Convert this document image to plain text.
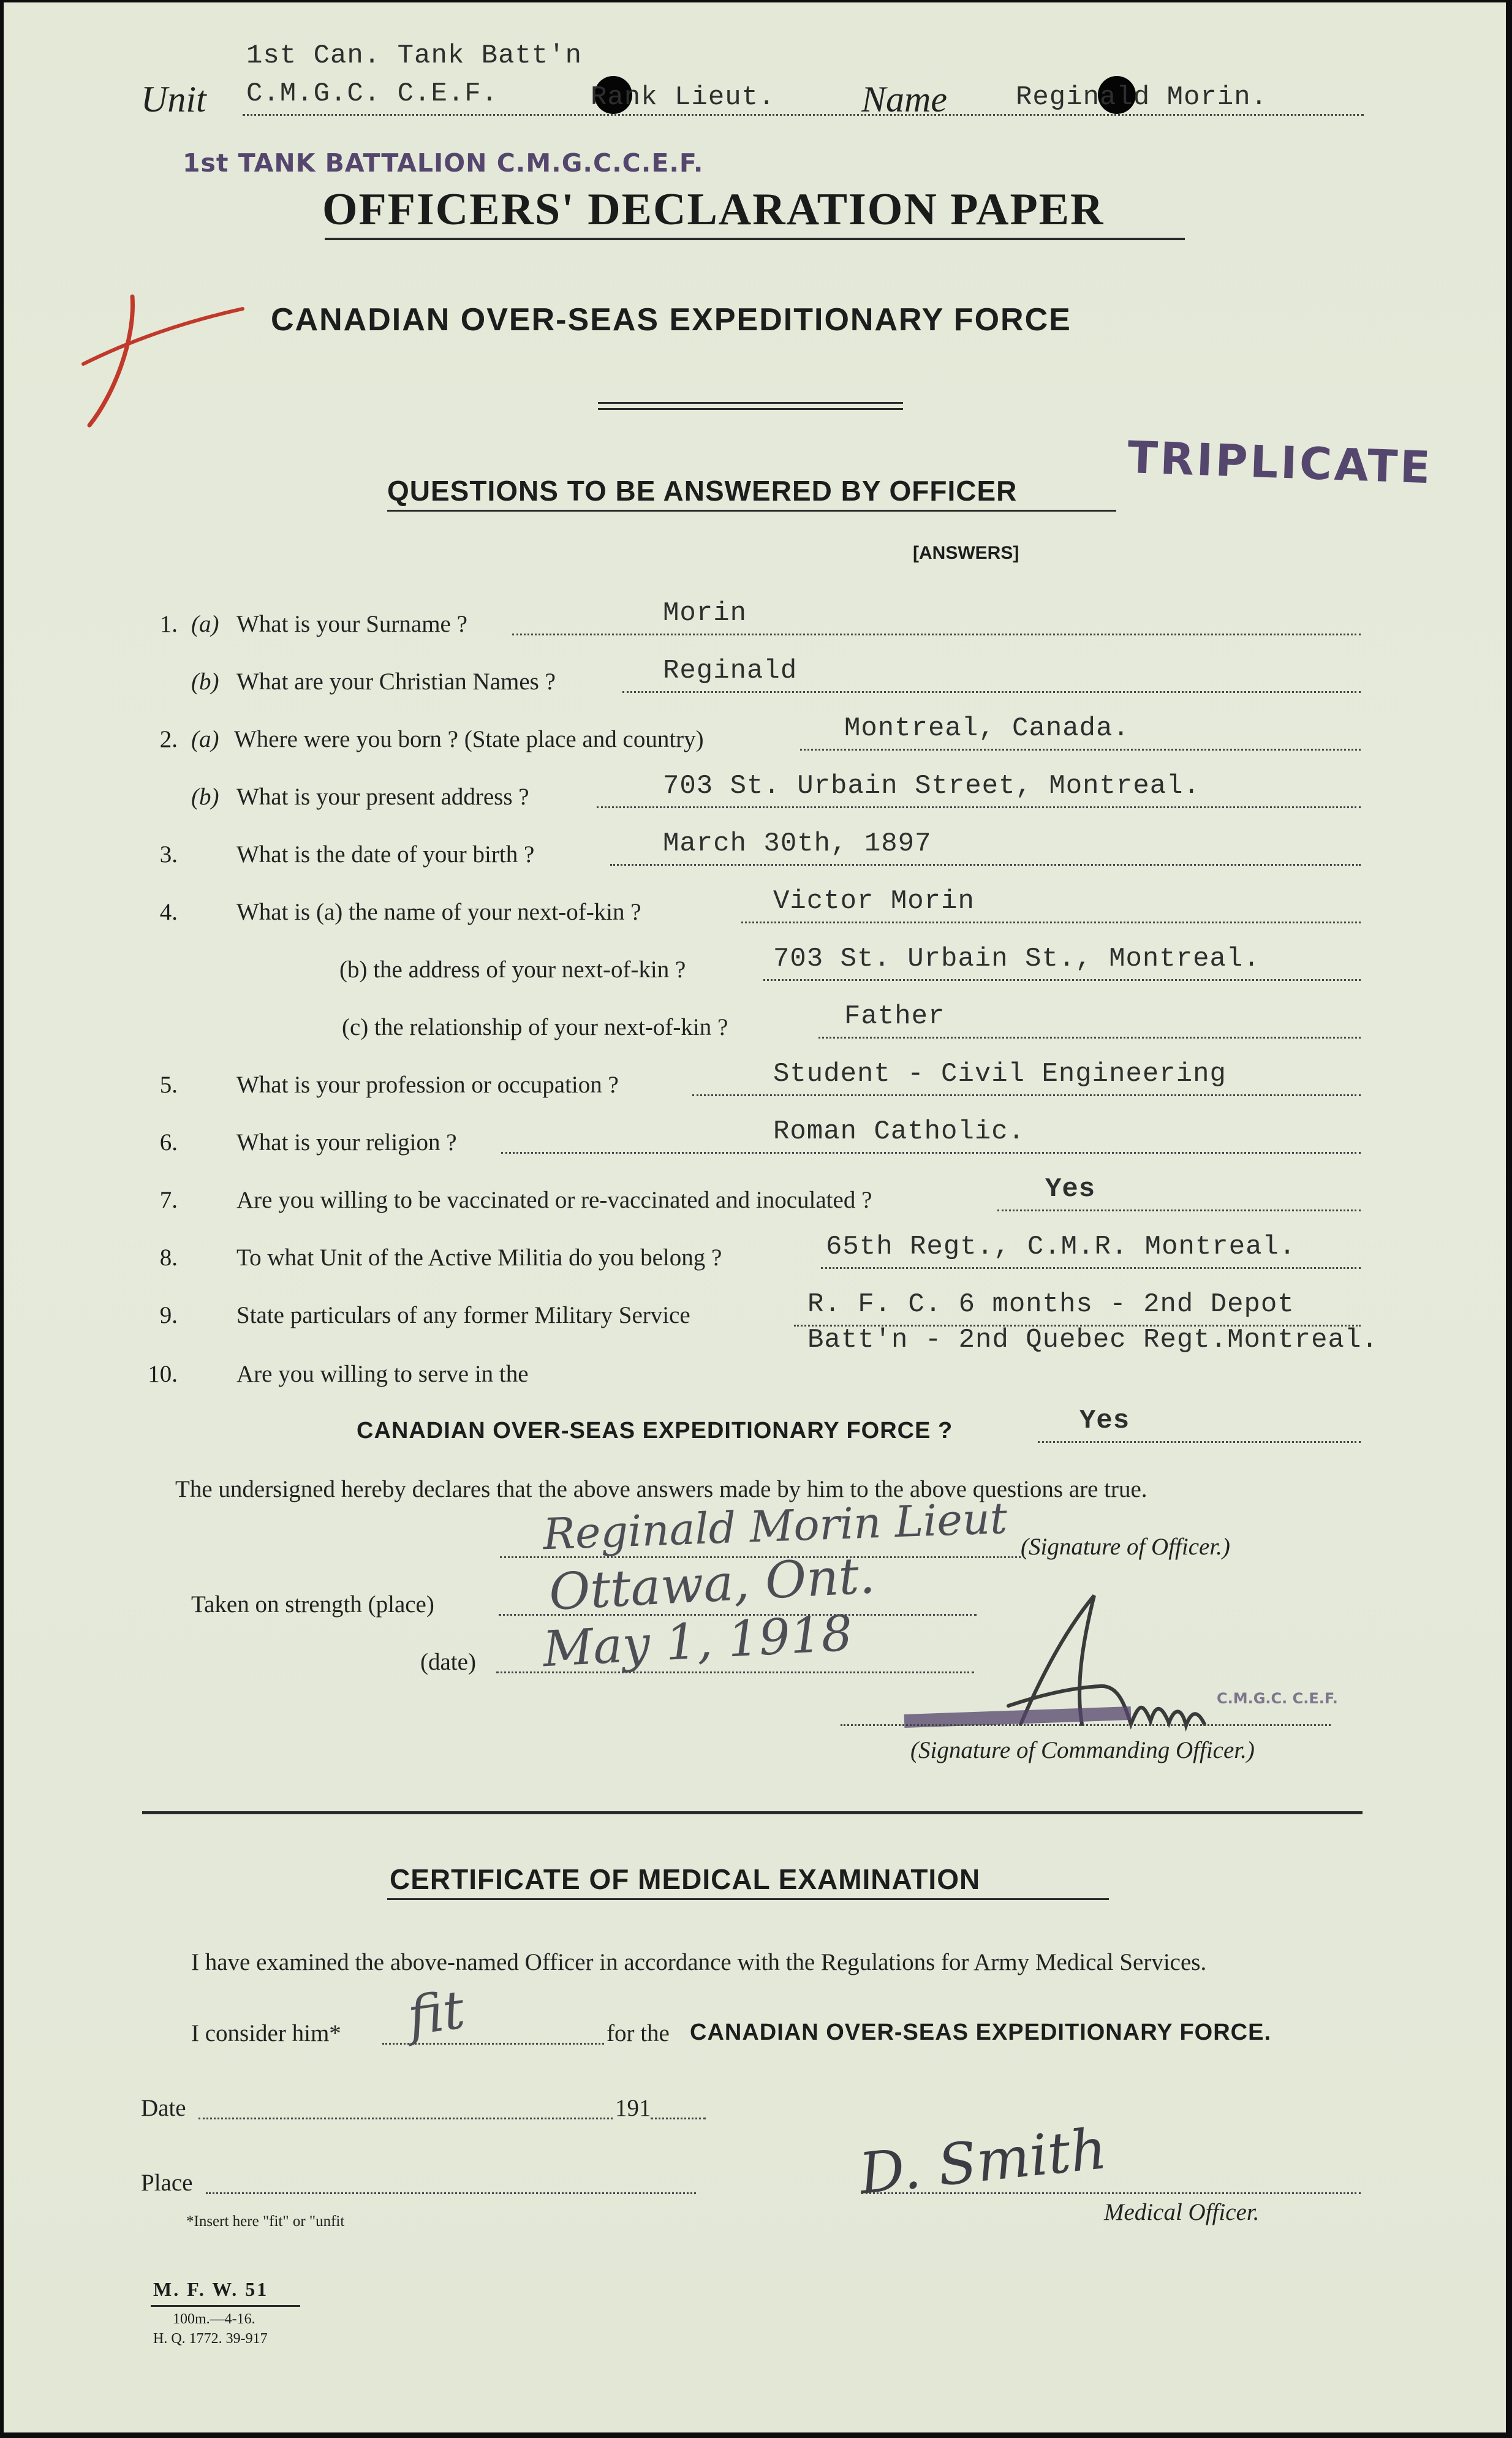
1st Can. Tank Batt'n
Unit C.M.G.C. C.E.F.	Rank Lieut. Name	Reginald Morin.
1st TANK BATTALION C.M.G.C.C.E.F.
OFFICERS' DECLARATION PAPER
CANADIAN OVER-SEAS EXPEDITIONARY FORCE
TRIPLICATE
QUESTIONS TO BE ANSWERED BY OFFICER
[ANSWERS]
1. (a) What is your Surname ?	Morin
(b) What are your Christian Names ?	Reginald
2. (a) Where were you born ? (State place and country)	Montreal, Canada.
(b) What is your present address ?	703 St. Urbain Street, Montreal.
3. What is the date of your birth ?	March 30th, 1897
4. What is (a) the name of your next-of-kin ?	Victor Morin
(b) the address of your next-of-kin ?	703 St. Urbain St., Montreal.
(c) the relationship of your next-of-kin ?	Father
5. What is your profession or occupation ?	Student - Civil Engineering
6. What is your religion ?	Roman Catholic.
7. Are you willing to be vaccinated or re-vaccinated and inoculated ?	Yes
8. To what Unit of the Active Militia do you belong ?	65th Regt., C.M.R. Montreal.
9. State particulars of any former Military Service	R. F. C. 6 months - 2nd Depot
Batt'n - 2nd Quebec Regt.Montreal.
10. Are you willing to serve in the
CANADIAN OVER-SEAS EXPEDITIONARY FORCE ?	Yes
The undersigned hereby declares that the above answers made by him to the above questions are true.
Reginald Morin Lieut (Signature of Officer.)
Taken on strength (place) Ottawa, Ont.
(date) May 1, 1918
C.M.G.C. C.E.F.
(Signature of Commanding Officer.)
CERTIFICATE OF MEDICAL EXAMINATION
I have examined the above-named Officer in accordance with the Regulations for Army Medical Services.
I consider him* fit	for the CANADIAN OVER-SEAS EXPEDITIONARY FORCE.
Date	191
Place	D. Smith
Medical Officer.
*Insert here "fit" or "unfit
M. F. W. 51
100m.—4-16.
H. Q. 1772. 39-917
